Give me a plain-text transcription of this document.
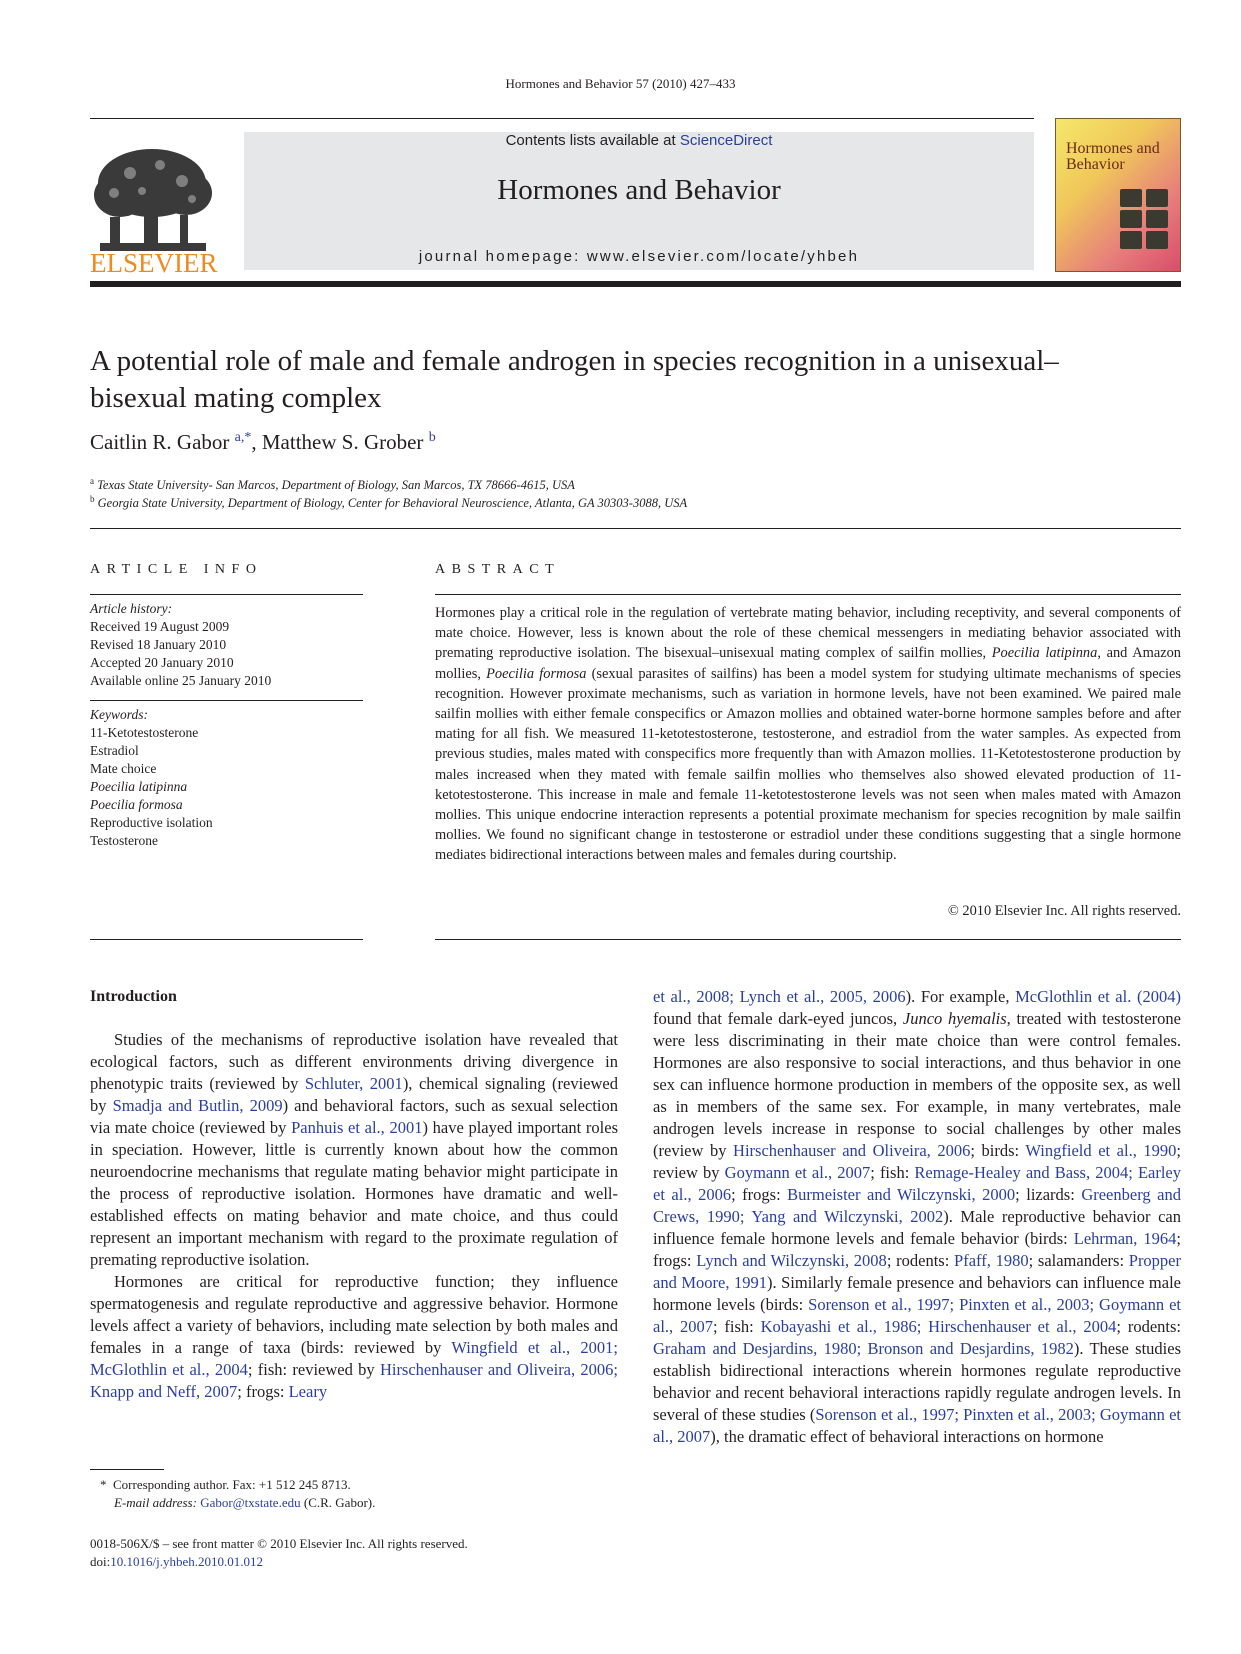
Hormones and Behavior 57 (2010) 427–433
ELSEVIER
Contents lists available at ScienceDirect
Hormones and Behavior
journal homepage: www.elsevier.com/locate/yhbeh
Hormones and Behavior
A potential role of male and female androgen in species recognition in a unisexual–bisexual mating complex
Caitlin R. Gabor $^{a,*}$, Matthew S. Grober $^b$
$^a$ Texas State University- San Marcos, Department of Biology, San Marcos, TX 78666-4615, USA
$^b$ Georgia State University, Department of Biology, Center for Behavioral Neuroscience, Atlanta, GA 30303-3088, USA
ARTICLE INFO
Article history:
Received 19 August 2009
Revised 18 January 2010
Accepted 20 January 2010
Available online 25 January 2010
Keywords:
11-Ketotestosterone
Estradiol
Mate choice
Poecilia latipinna
Poecilia formosa
Reproductive isolation
Testosterone
ABSTRACT
Hormones play a critical role in the regulation of vertebrate mating behavior, including receptivity, and several components of mate choice. However, less is known about the role of these chemical messengers in mediating behavior associated with premating reproductive isolation. The bisexual–unisexual mating complex of sailfin mollies, Poecilia latipinna, and Amazon mollies, Poecilia formosa (sexual parasites of sailfins) has been a model system for studying ultimate mechanisms of species recognition. However proximate mechanisms, such as variation in hormone levels, have not been examined. We paired male sailfin mollies with either female conspecifics or Amazon mollies and obtained water-borne hormone samples before and after mating for all fish. We measured 11-ketotestosterone, testosterone, and estradiol from the water samples. As expected from previous studies, males mated with conspecifics more frequently than with Amazon mollies. 11-Ketotestosterone production by males increased when they mated with female sailfin mollies who themselves also showed elevated production of 11-ketotestosterone. This increase in male and female 11-ketotestosterone levels was not seen when males mated with Amazon mollies. This unique endocrine interaction represents a potential proximate mechanism for species recognition by male sailfin mollies. We found no significant change in testosterone or estradiol under these conditions suggesting that a single hormone mediates bidirectional interactions between males and females during courtship.
© 2010 Elsevier Inc. All rights reserved.
Introduction

Studies of the mechanisms of reproductive isolation have revealed that ecological factors, such as different environments driving divergence in phenotypic traits (reviewed by Schluter, 2001), chemical signaling (reviewed by Smadja and Butlin, 2009) and behavioral factors, such as sexual selection via mate choice (reviewed by Panhuis et al., 2001) have played important roles in speciation. However, little is currently known about how the common neuroendocrine mechanisms that regulate mating behavior might participate in the process of reproductive isolation. Hormones have dramatic and well-established effects on mating behavior and mate choice, and thus could represent an important mechanism with regard to the proximate regulation of premating reproductive isolation.

Hormones are critical for reproductive function; they influence spermatogenesis and regulate reproductive and aggressive behavior. Hormone levels affect a variety of behaviors, including mate selection by both males and females in a range of taxa (birds: reviewed by Wingfield et al., 2001; McGlothlin et al., 2004; fish: reviewed by Hirschenhauser and Oliveira, 2006; Knapp and Neff, 2007; frogs: Leary

et al., 2008; Lynch et al., 2005, 2006). For example, McGlothlin et al. (2004) found that female dark-eyed juncos, Junco hyemalis, treated with testosterone were less discriminating in their mate choice than were control females. Hormones are also responsive to social interactions, and thus behavior in one sex can influence hormone production in members of the opposite sex, as well as in members of the same sex. For example, in many vertebrates, male androgen levels increase in response to social challenges by other males (review by Hirschenhauser and Oliveira, 2006; birds: Wingfield et al., 1990; review by Goymann et al., 2007; fish: Remage-Healey and Bass, 2004; Earley et al., 2006; frogs: Burmeister and Wilczynski, 2000; lizards: Greenberg and Crews, 1990; Yang and Wilczynski, 2002). Male reproductive behavior can influence female hormone levels and female behavior (birds: Lehrman, 1964; frogs: Lynch and Wilczynski, 2008; rodents: Pfaff, 1980; salamanders: Propper and Moore, 1991). Similarly female presence and behaviors can influence male hormone levels (birds: Sorenson et al., 1997; Pinxten et al., 2003; Goymann et al., 2007; fish: Kobayashi et al., 1986; Hirschenhauser et al., 2004; rodents: Graham and Desjardins, 1980; Bronson and Desjardins, 1982). These studies establish bidirectional interactions wherein hormones regulate reproductive behavior and recent behavioral interactions rapidly regulate androgen levels. In several of these studies (Sorenson et al., 1997; Pinxten et al., 2003; Goymann et al., 2007), the dramatic effect of behavioral interactions on hormone

* Corresponding author. Fax: +1 512 245 8713.
E-mail address: Gabor@txstate.edu (C.R. Gabor).
0018-506X/$ – see front matter © 2010 Elsevier Inc. All rights reserved.
doi:10.1016/j.yhbeh.2010.01.012
